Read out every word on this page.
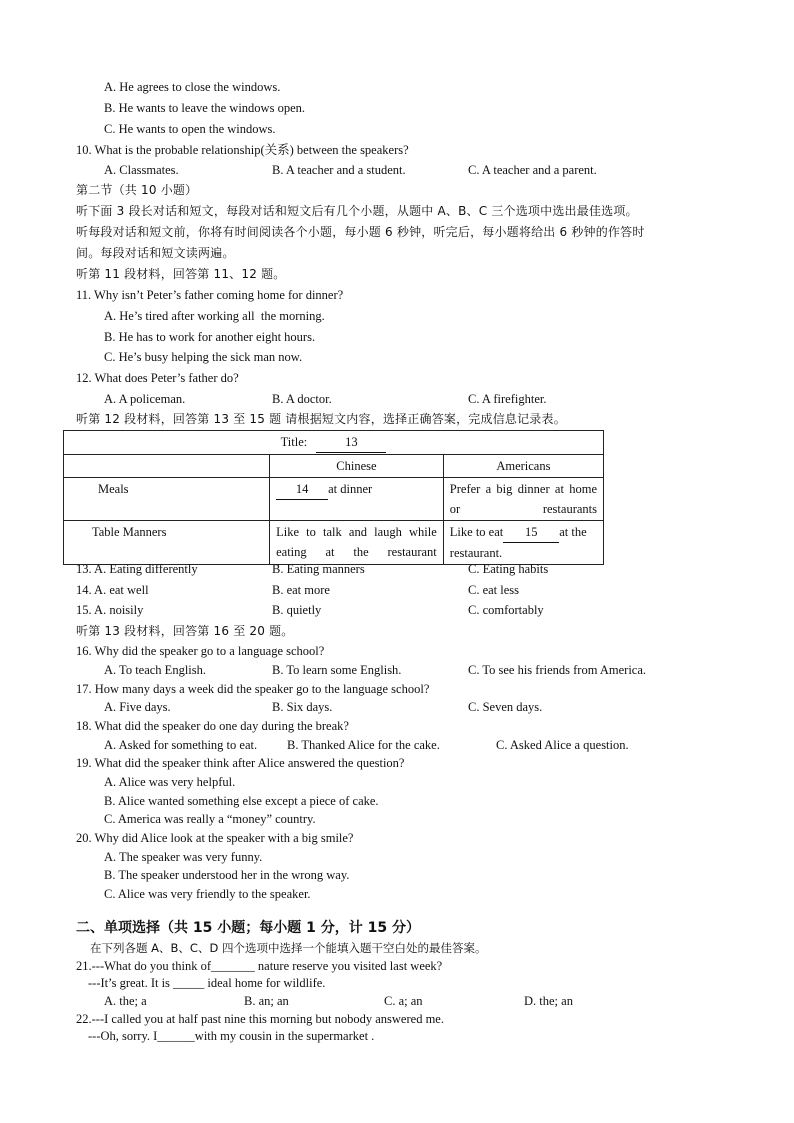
A. He agrees to close the windows.
B. He wants to leave the windows open.
C. He wants to open the windows.
10. What is the probable relationship(关系) between the speakers?
A. Classmates.	B. A teacher and a student.	C. A teacher and a parent.
第二节（共 10 小题）
听下面 3 段长对话和短文，每段对话和短文后有几个小题，从题中 A、B、C 三个选项中选出最佳选项。
听每段对话和短文前，你将有时间阅读各个小题，每小题 6 秒钟，听完后，每小题将给出 6 秒钟的作答时
间。每段对话和短文读两遍。
听第 11 段材料，回答第 11、12 题。
11. Why isn’t Peter’s father coming home for dinner?
A. He’s tired after working all  the morning.
B. He has to work for another eight hours.
C. He’s busy helping the sick man now.
12. What does Peter’s father do?
A. A policeman.	B. A doctor.	C. A firefighter.
听第 12 段材料，回答第 13 至 15 题 请根据短文内容，选择正确答案，完成信息记录表。
Title: 13		
	Chinese	Americans
Meals	14 at dinner	Prefer a big dinner at home or restaurants
Table Manners	Like to talk and laugh while eating at the restaurant	Like to eat 15 at the restaurant.
13. A. Eating differently	B. Eating manners	C. Eating habits
14. A. eat well	B. eat more	C. eat less
15. A. noisily	B. quietly	C. comfortably
听第 13 段材料，回答第 16 至 20 题。
16. Why did the speaker go to a language school?
A. To teach English.	B. To learn some English.	C. To see his friends from America.
17. How many days a week did the speaker go to the language school?
A. Five days.	B. Six days.	C. Seven days.
18. What did the speaker do one day during the break?
A. Asked for something to eat. B. Thanked Alice for the cake.	C. Asked Alice a question.
19. What did the speaker think after Alice answered the question?
A. Alice was very helpful.
B. Alice wanted something else except a piece of cake.
C. America was really a “money” country.
20. Why did Alice look at the speaker with a big smile?
A. The speaker was very funny.
B. The speaker understood her in the wrong way.
C. Alice was very friendly to the speaker.
二、单项选择（共 15 小题；每小题 1 分，计 15 分）
在下列各题 A、B、C、D 四个选项中选择一个能填入题干空白处的最佳答案。
21.---What do you think of_______ nature reserve you visited last week?
---It’s great. It is _____ ideal home for wildlife.
A. the; a	B. an; an	C. a; an	D. the; an
22.---I called you at half past nine this morning but nobody answered me.
---Oh, sorry. I______with my cousin in the supermarket .
